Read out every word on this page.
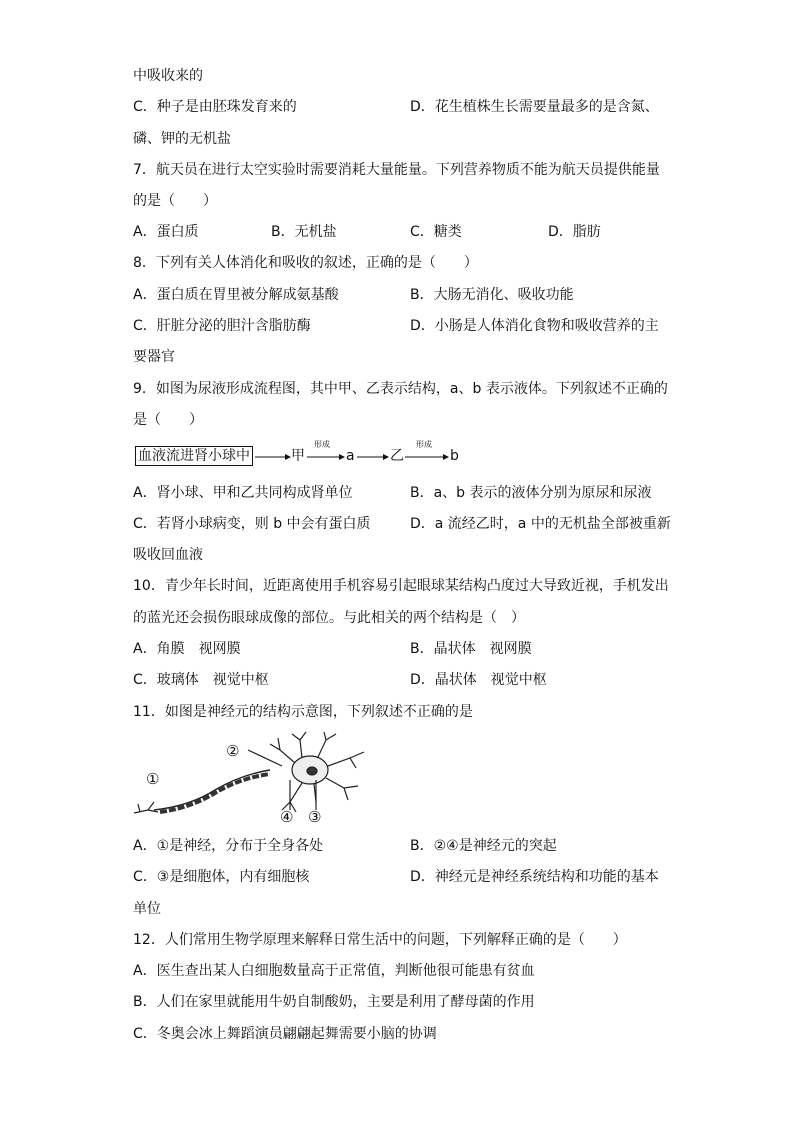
中吸收来的
C．种子是由胚珠发育来的	D．花生植株生长需要量最多的是含氮、
磷、钾的无机盐
7．航天员在进行太空实验时需要消耗大量能量。下列营养物质不能为航天员提供能量
的是（　　）
A．蛋白质	B．无机盐	C．糖类	D．脂肪
8．下列有关人体消化和吸收的叙述，正确的是（　　）
A．蛋白质在胃里被分解成氨基酸	B．大肠无消化、吸收功能
C．肝脏分泌的胆汁含脂肪酶	D．小肠是人体消化食物和吸收营养的主
要器官
9．如图为尿液形成流程图，其中甲、乙表示结构，a、b 表示液体。下列叙述不正确的
是（　　）
血液流进肾小球中	甲
形成
a	乙
形成
b
A．肾小球、甲和乙共同构成肾单位	B．a、b 表示的液体分别为原尿和尿液
C．若肾小球病变，则 b 中会有蛋白质	D．a 流经乙时，a 中的无机盐全部被重新
吸收回血液
10．青少年长时间，近距离使用手机容易引起眼球某结构凸度过大导致近视，手机发出
的蓝光还会损伤眼球成像的部位。与此相关的两个结构是（　）
A．角膜　视网膜	B．晶状体　视网膜
C．玻璃体　视觉中枢	D．晶状体　视觉中枢
11．如图是神经元的结构示意图，下列叙述不正确的是
①
②
④ ③
A．①是神经，分布于全身各处	B．②④是神经元的突起
C．③是细胞体，内有细胞核	D．神经元是神经系统结构和功能的基本
单位
12．人们常用生物学原理来解释日常生活中的问题，下列解释正确的是（　　）
A．医生查出某人白细胞数量高于正常值，判断他很可能患有贫血
B．人们在家里就能用牛奶自制酸奶，主要是利用了酵母菌的作用
C．冬奥会冰上舞蹈演员翩翩起舞需要小脑的协调
